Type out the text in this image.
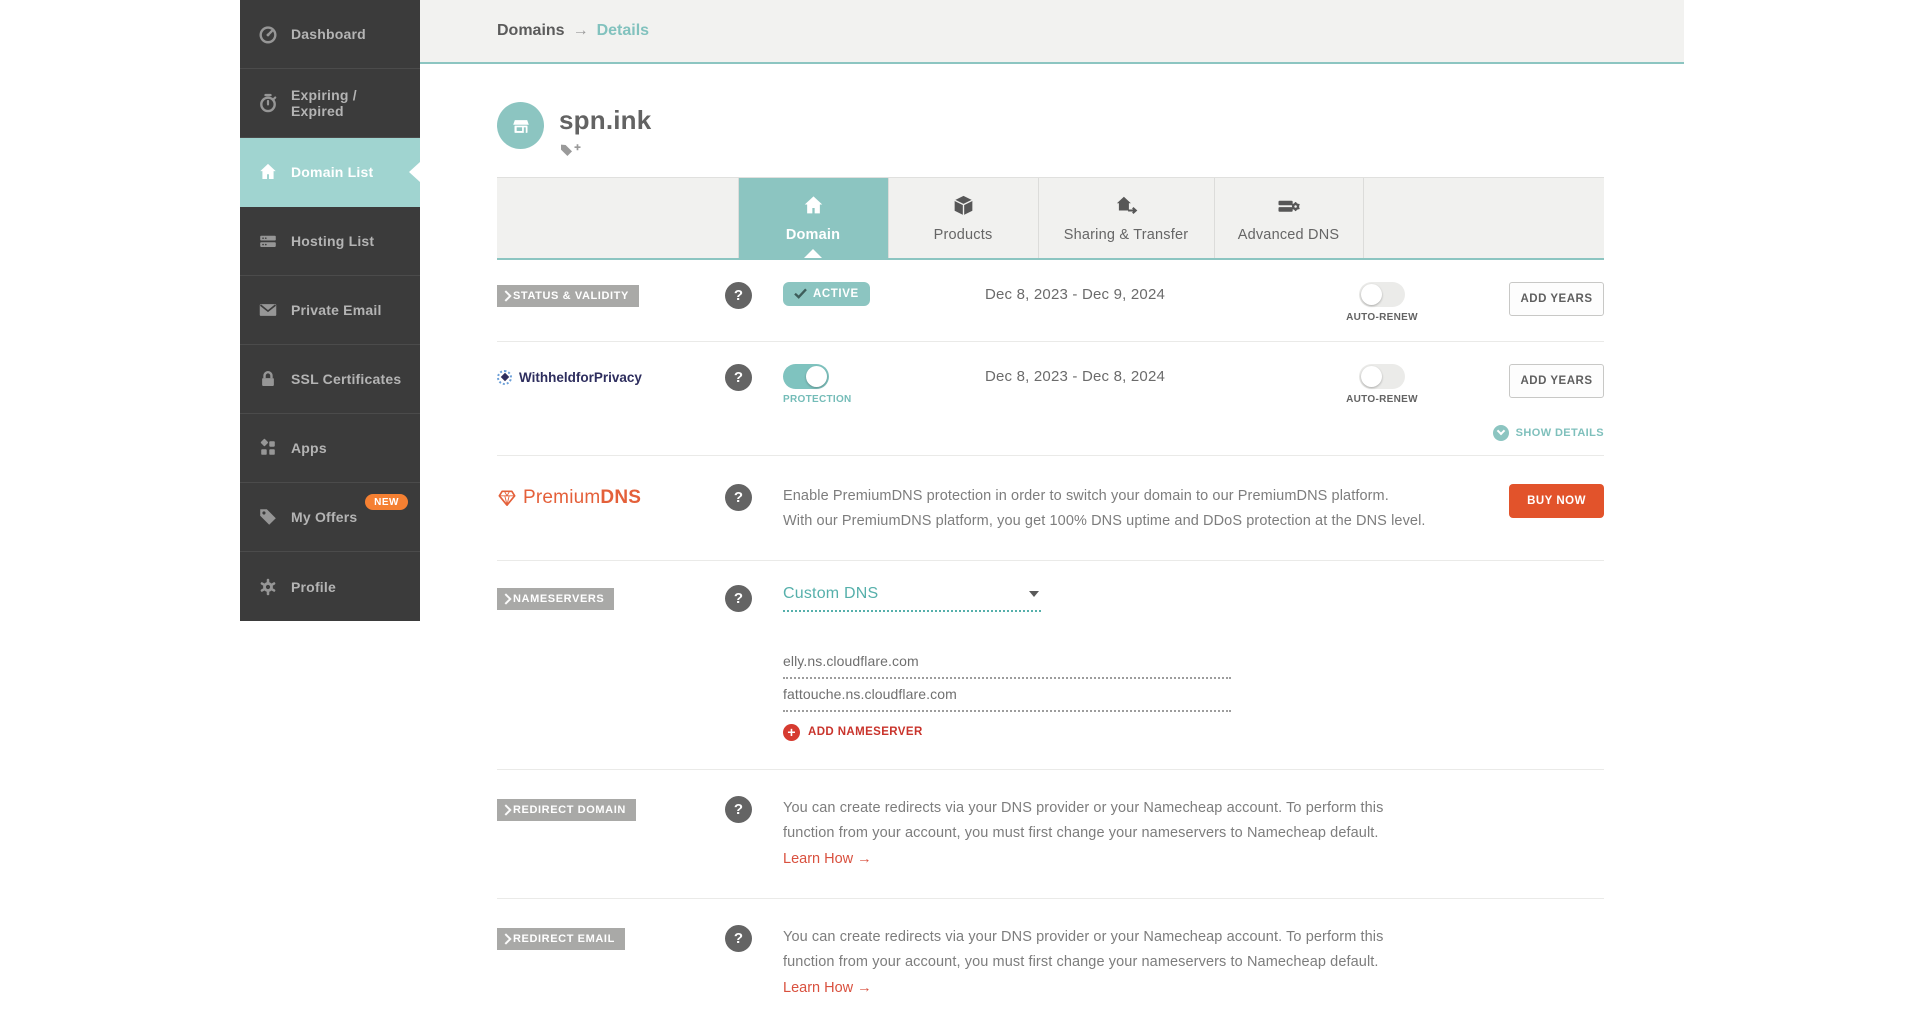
Dashboard
Expiring / Expired
Domain List
Hosting List
Private Email
SSL Certificates
Apps
My Offers
NEW
Profile
Domains → Details
spn.ink
Domain	Products	Sharing & Transfer	Advanced DNS
STATUS & VALIDITY	?	ACTIVE	Dec 8, 2023 - Dec 9, 2024
AUTO-RENEW
ADD YEARS
WithheldforPrivacy	?
PROTECTION
Dec 8, 2023 - Dec 8, 2024
AUTO-RENEW
ADD YEARS
SHOW DETAILS
PremiumDNS	?	Enable PremiumDNS protection in order to switch your domain to our PremiumDNS platform.
With our PremiumDNS platform, you get 100% DNS uptime and DDoS protection at the DNS level.
BUY NOW
NAMESERVERS	?	Custom DNS
elly.ns.cloudflare.com
fattouche.ns.cloudflare.com
+	ADD NAMESERVER
REDIRECT DOMAIN	?	You can create redirects via your DNS provider or your Namecheap account. To perform this
function from your account, you must first change your nameservers to Namecheap default.
Learn How →
REDIRECT EMAIL	?	You can create redirects via your DNS provider or your Namecheap account. To perform this
function from your account, you must first change your nameservers to Namecheap default.
Learn How →
